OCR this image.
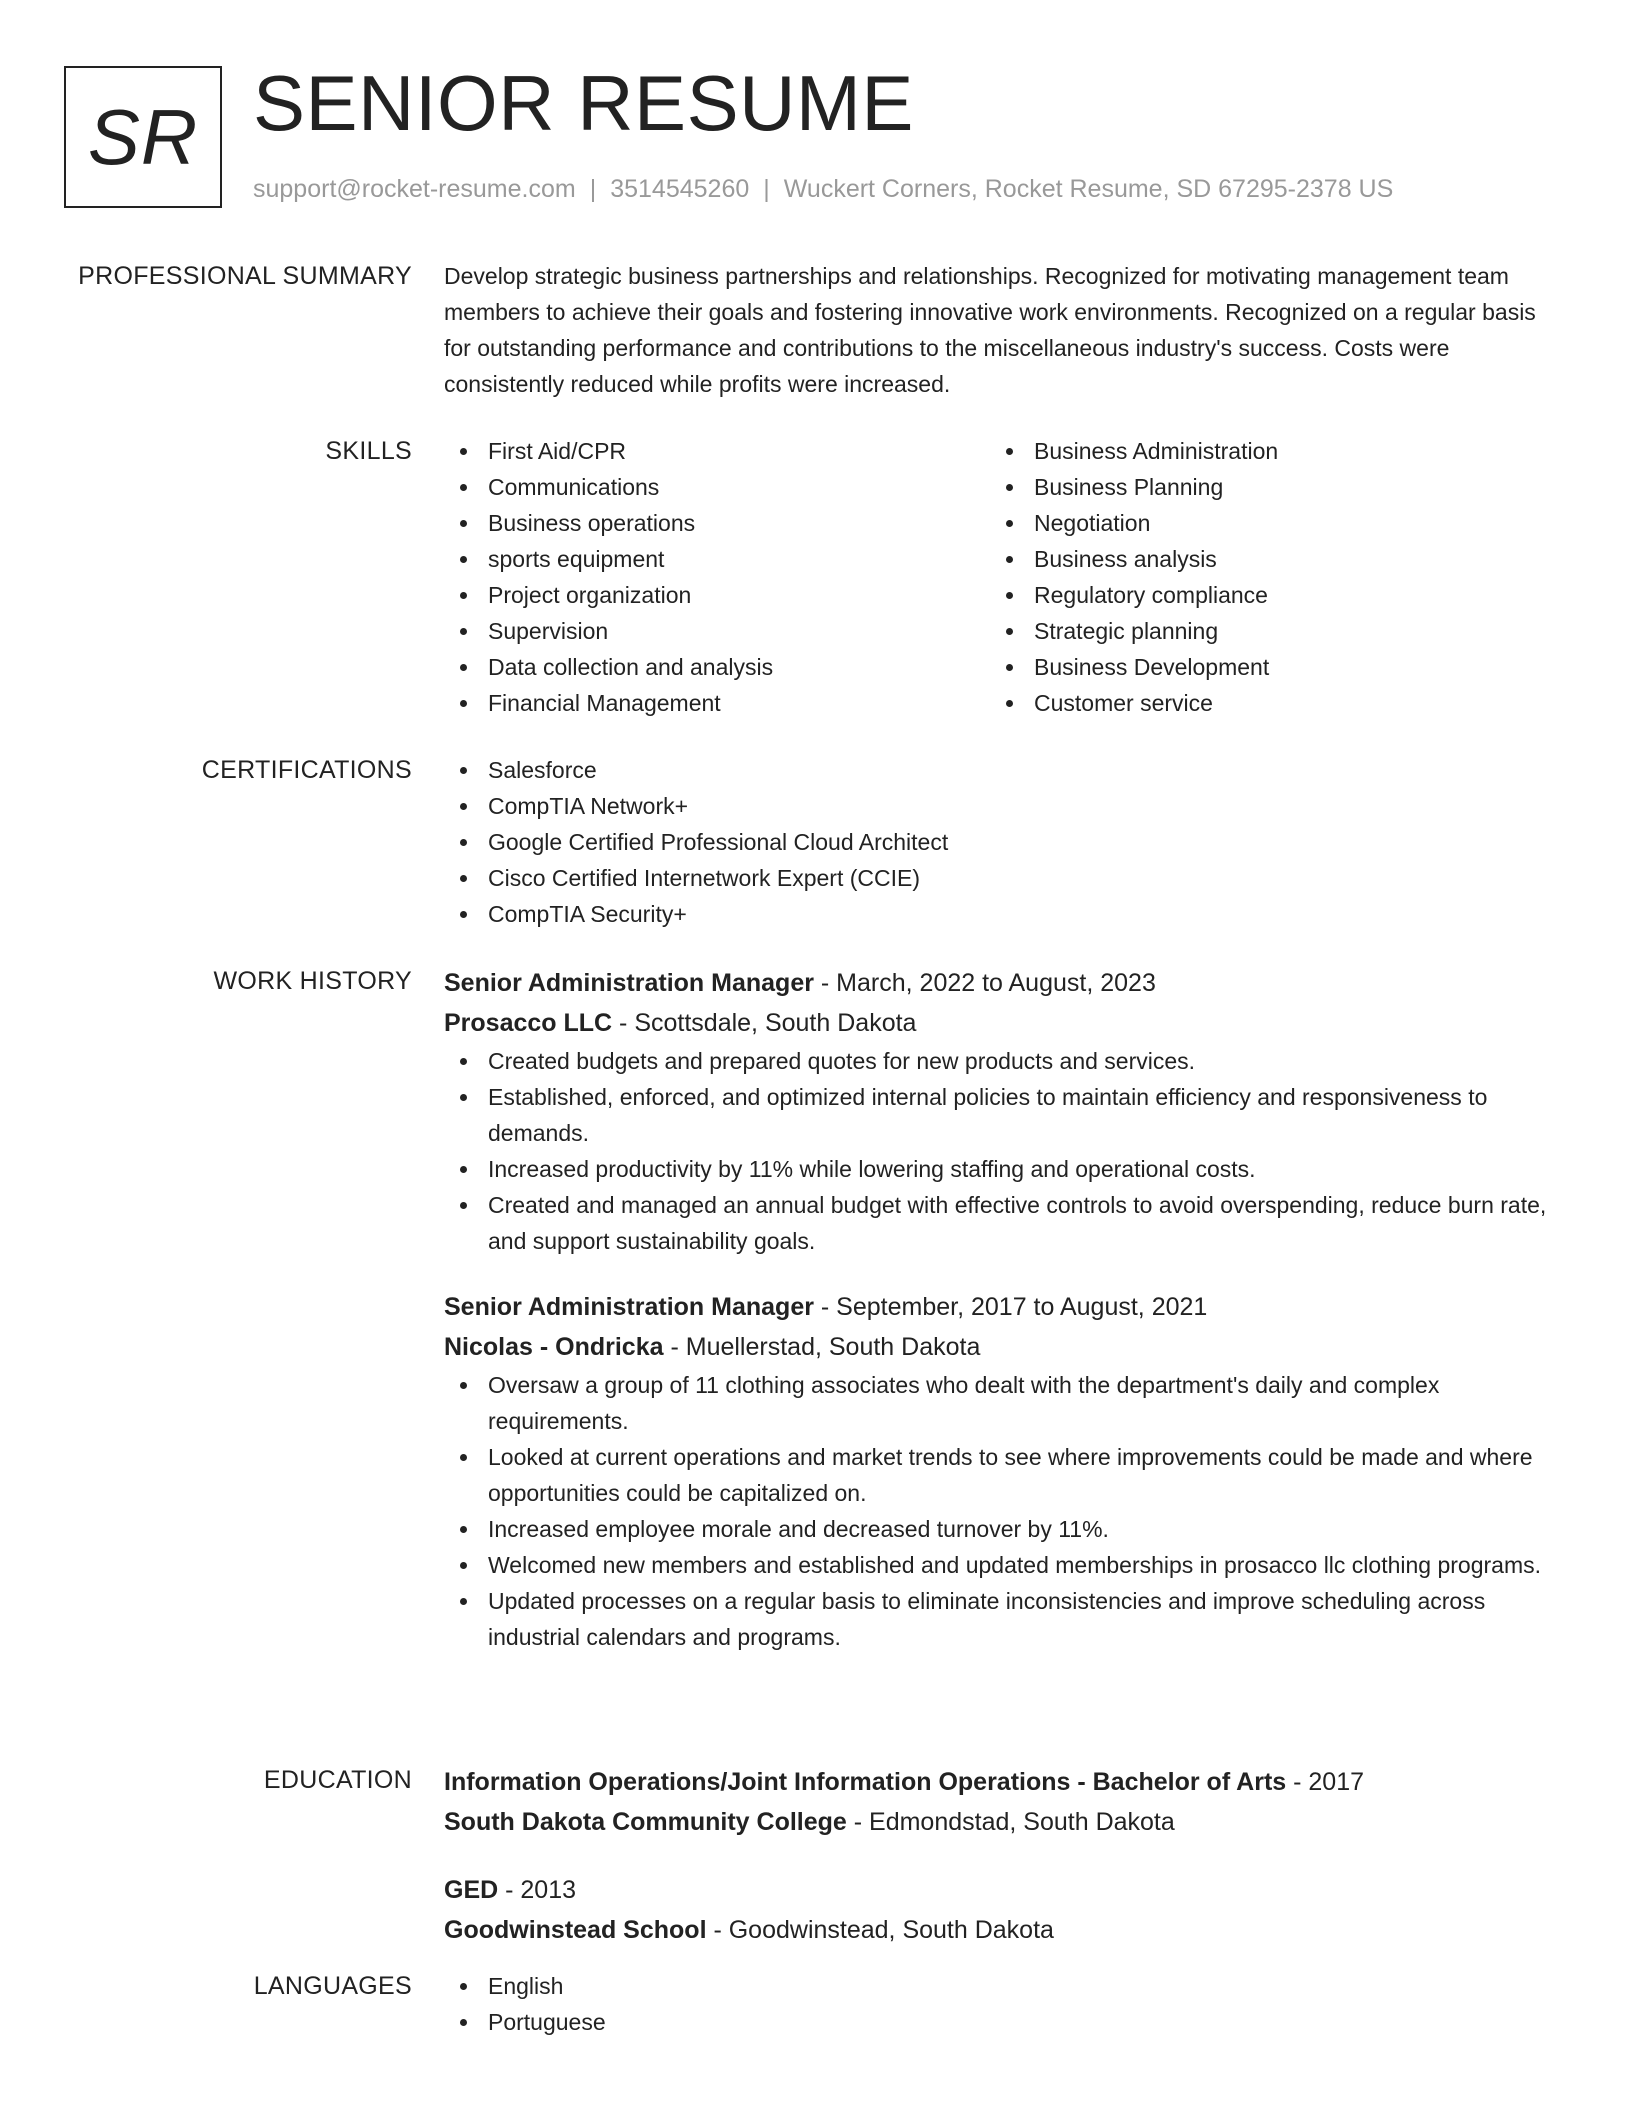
SR SENIOR RESUME
support@rocket-resume.com | 3514545260 | Wuckert Corners, Rocket Resume, SD 67295-2378 US
PROFESSIONAL SUMMARY Develop strategic business partnerships and relationships. Recognized for motivating management team members to achieve their goals and fostering innovative work environments. Recognized on a regular basis for outstanding performance and contributions to the miscellaneous industry's success. Costs were consistently reduced while profits were increased.

SKILLS	First Aid/CPR
Communications
Business operations
sports equipment
Project organization
Supervision
Data collection and analysis
Financial Management
Business Administration
Business Planning
Negotiation
Business analysis
Regulatory compliance
Strategic planning
Business Development
Customer service
CERTIFICATIONS	Salesforce
CompTIA Network+
Google Certified Professional Cloud Architect
Cisco Certified Internetwork Expert (CCIE)
CompTIA Security+
WORK HISTORY Senior Administration Manager - March, 2022 to August, 2023
Prosacco LLC - Scottsdale, South Dakota
Created budgets and prepared quotes for new products and services.
Established, enforced, and optimized internal policies to maintain efficiency and responsiveness to demands.
Increased productivity by 11% while lowering staffing and operational costs.
Created and managed an annual budget with effective controls to avoid overspending, reduce burn rate, and support sustainability goals.
Senior Administration Manager - September, 2017 to August, 2021
Nicolas - Ondricka - Muellerstad, South Dakota
Oversaw a group of 11 clothing associates who dealt with the department's daily and complex requirements.
Looked at current operations and market trends to see where improvements could be made and where opportunities could be capitalized on.
Increased employee morale and decreased turnover by 11%.
Welcomed new members and established and updated memberships in prosacco llc clothing programs.
Updated processes on a regular basis to eliminate inconsistencies and improve scheduling across industrial calendars and programs.
EDUCATION Information Operations/Joint Information Operations - Bachelor of Arts - 2017
South Dakota Community College - Edmondstad, South Dakota
GED - 2013
Goodwinstead School - Goodwinstead, South Dakota
LANGUAGES	English
Portuguese
